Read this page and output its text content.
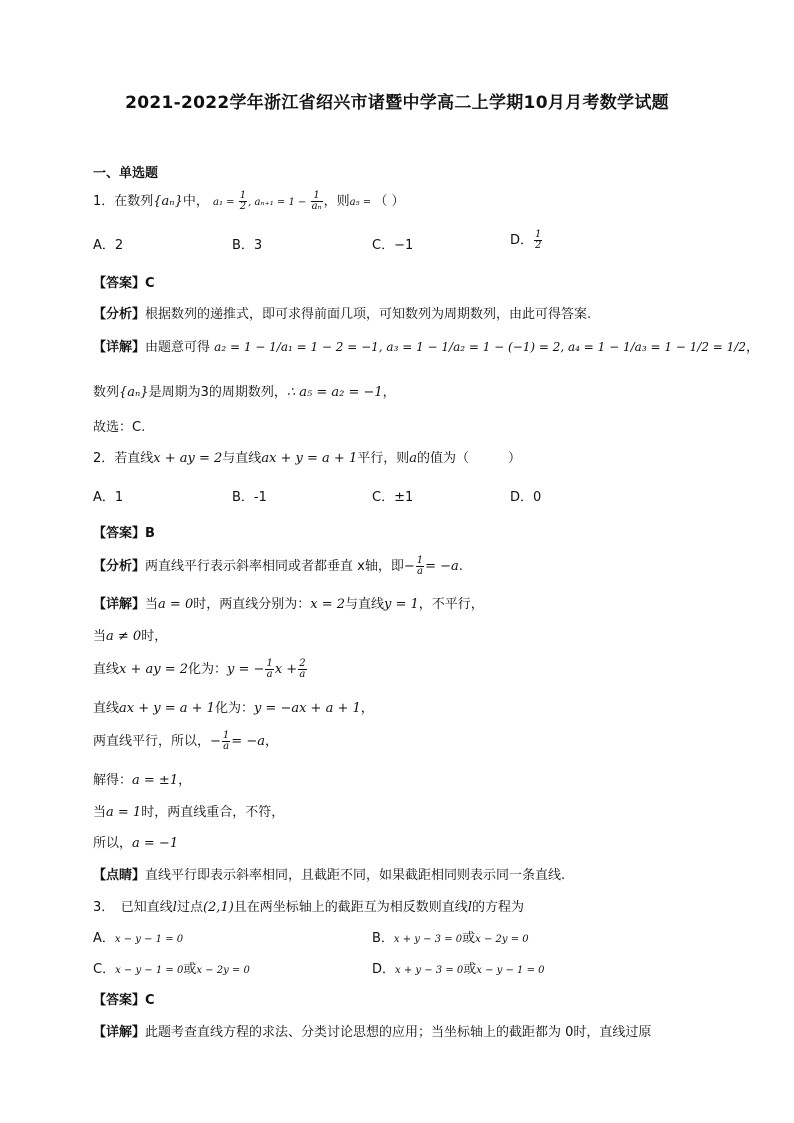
2021-2022学年浙江省绍兴市诸暨中学高二上学期10月月考数学试题
一、单选题
1．在数列{aₙ}中， $a_1 = \frac{1}{2}$ , $a_{n+1} = 1 - \frac{1}{\text{aₙ}}$ ，则a₅ = （ ）
A．2	B．3	C．−1	D． $\frac{1}{2}$
【答案】C
【分析】根据数列的递推式，即可求得前面几项，可知数列为周期数列，由此可得答案.
【详解】由题意可得 a₂ = 1 − 1/a₁ = 1 − 2 = −1, a₃ = 1 − 1/a₂ = 1 − (−1) = 2, a₄ = 1 − 1/a₃ = 1 − 1/2 = 1/2，
数列{aₙ}是周期为3的周期数列，∴ a₅ = a₂ = −1，
故选：C.
2．若直线x + ay = 2与直线ax + y = a + 1平行，则a的值为（　　　）
A．1	B．-1	C．±1	D．0
【答案】B
【分析】两直线平行表示斜率相同或者都垂直 x轴，即− $\frac{1}{a} = -a$.
【详解】当a = 0时，两直线分别为：x = 2与直线y = 1，不平行，
当a ≠ 0时，
直线x + ay = 2化为：y = − $\frac{1}{a}$ $x + \frac{2}{a}$
直线ax + y = a + 1化为：y = −ax + a + 1，
两直线平行，所以，− $\frac{1}{a} = -a$，
解得：a = ±1，
当a = 1时，两直线重合，不符，
所以，a = −1
【点睛】直线平行即表示斜率相同，且截距不同，如果截距相同则表示同一条直线.
3．　已知直线l过点(2,1)且在两坐标轴上的截距互为相反数则直线l的方程为
A．x − y − 1 = 0	B．x + y − 3 = 0或x − 2y = 0
C．x − y − 1 = 0或x − 2y = 0	D．x + y − 3 = 0或x − y − 1 = 0
【答案】C
【详解】此题考查直线方程的求法、分类讨论思想的应用；当坐标轴上的截距都为 0时，直线过原
